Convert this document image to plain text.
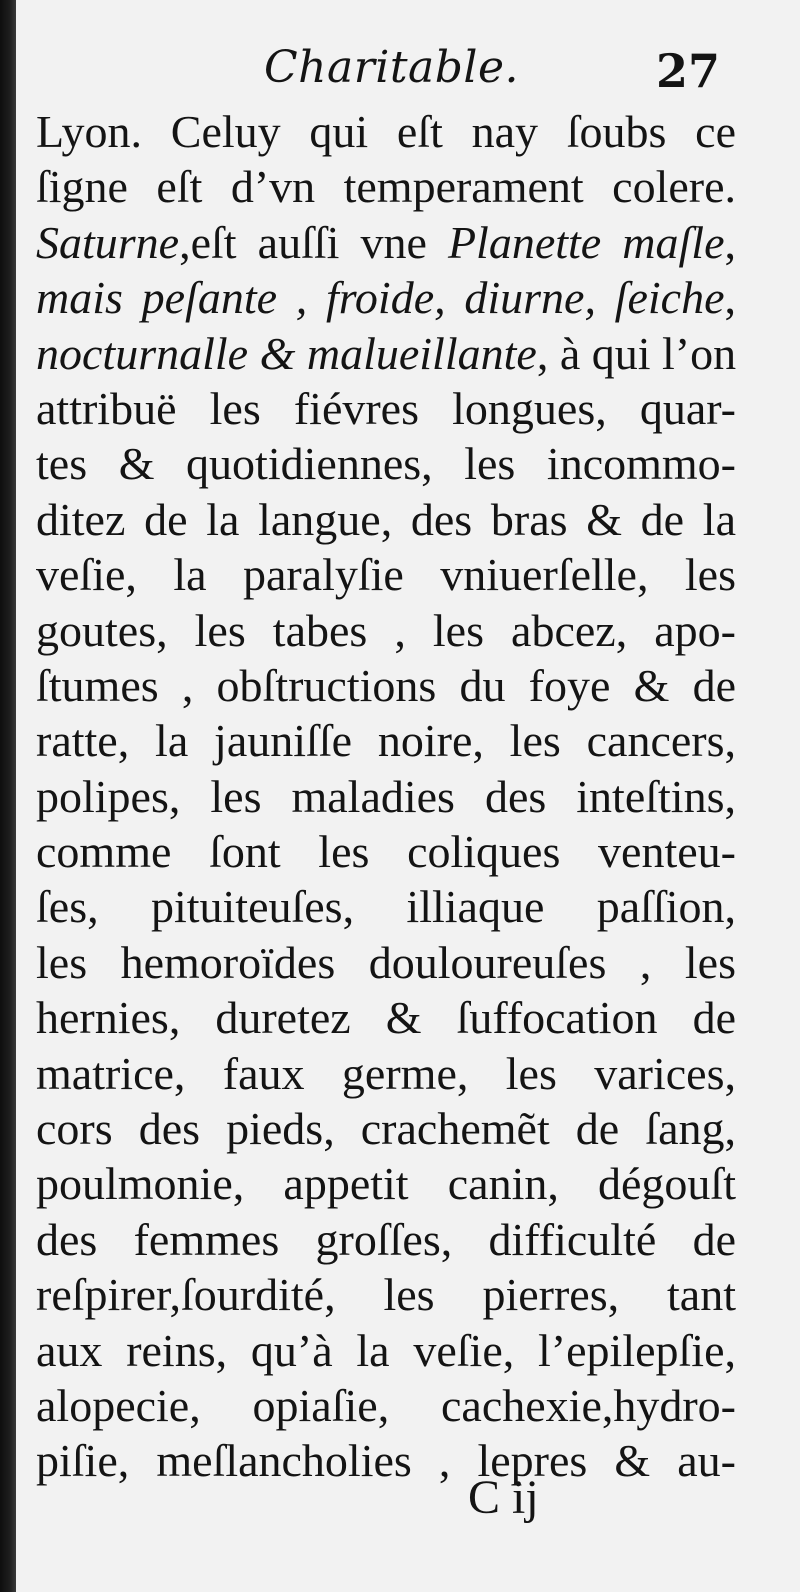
Charitable.	27
Lyon. Celuy qui eſt nay ſoubs ce
ſigne eſt d’vn temperament colere.
Saturne,eſt auſſi vne Planette maſle,
mais peſante , froide, diurne, ſeiche,
nocturnalle & malueillante, à qui l’on
attribuë les fiévres longues, quar-
tes & quotidiennes, les incommo-
ditez de la langue, des bras & de la
veſie, la paralyſie vniuerſelle, les
goutes, les tabes , les abcez, apo-
ſtumes , obſtructions du foye & de
ratte, la jauniſſe noire, les cancers,
polipes, les maladies des inteſtins,
comme ſont les coliques venteu-
ſes, pituiteuſes, illiaque paſſion,
les hemoroïdes douloureuſes , les
hernies, duretez & ſuffocation de
matrice, faux germe, les varices,
cors des pieds, crachemẽt de ſang,
poulmonie, appetit canin, dégouſt
des femmes groſſes, difficulté de
reſpirer,ſourdité, les pierres, tant
aux reins, qu’à la veſie, l’epilepſie,
alopecie, opiaſie, cachexie,hydro-
piſie, meſlancholies , lepres & au-
C ij
